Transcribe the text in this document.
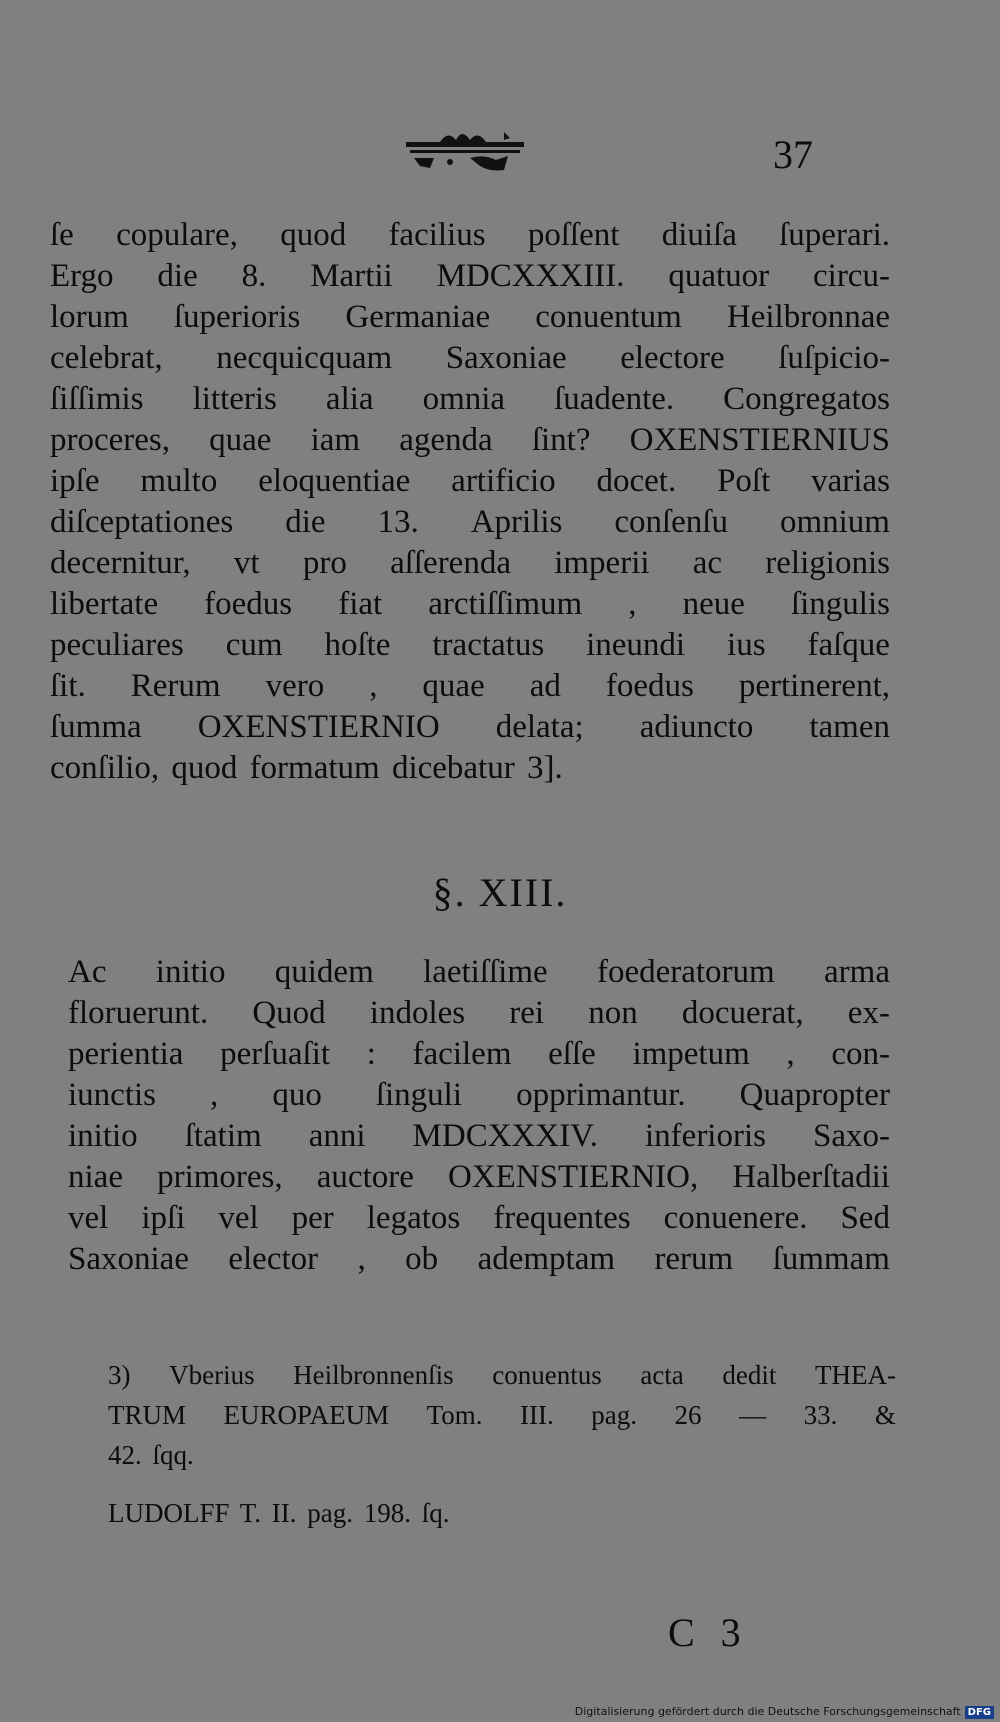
37
ſe copulare, quod facilius poſſent diuiſa ſuperari.
Ergo die 8. Martii MDCXXXIII. quatuor circu-
lorum ſuperioris Germaniae conuentum Heilbronnae
celebrat, necquicquam Saxoniae electore ſuſpicio-
ſiſſimis litteris alia omnia ſuadente. Congregatos
proceres, quae iam agenda ſint? OXENSTIERNIUS
ipſe multo eloquentiae artificio docet. Poſt varias
diſceptationes die 13. Aprilis conſenſu omnium
decernitur, vt pro aſſerenda imperii ac religionis
libertate foedus fiat arctiſſimum , neue ſingulis
peculiares cum hoſte tractatus ineundi ius faſque
ſit. Rerum vero , quae ad foedus pertinerent,
ſumma OXENSTIERNIO delata; adiuncto tamen
conſilio, quod formatum dicebatur 3].
§. XIII.
Ac initio quidem laetiſſime foederatorum arma
floruerunt. Quod indoles rei non docuerat, ex-
perientia perſuaſit : facilem eſſe impetum , con-
iunctis , quo ſinguli opprimantur. Quapropter
initio ſtatim anni MDCXXXIV. inferioris Saxo-
niae primores, auctore OXENSTIERNIO, Halberſtadii
vel ipſi vel per legatos frequentes conuenere. Sed
Saxoniae elector , ob ademptam rerum ſummam
3) Vberius Heilbronnenſis conuentus acta dedit THEA-
TRUM EUROPAEUM Tom. III. pag. 26 — 33. &
42. ſqq.
LUDOLFF T. II. pag. 198. ſq.
C 3
Digitalisierung gefördert durch die Deutsche Forschungsgemeinschaft DFG
